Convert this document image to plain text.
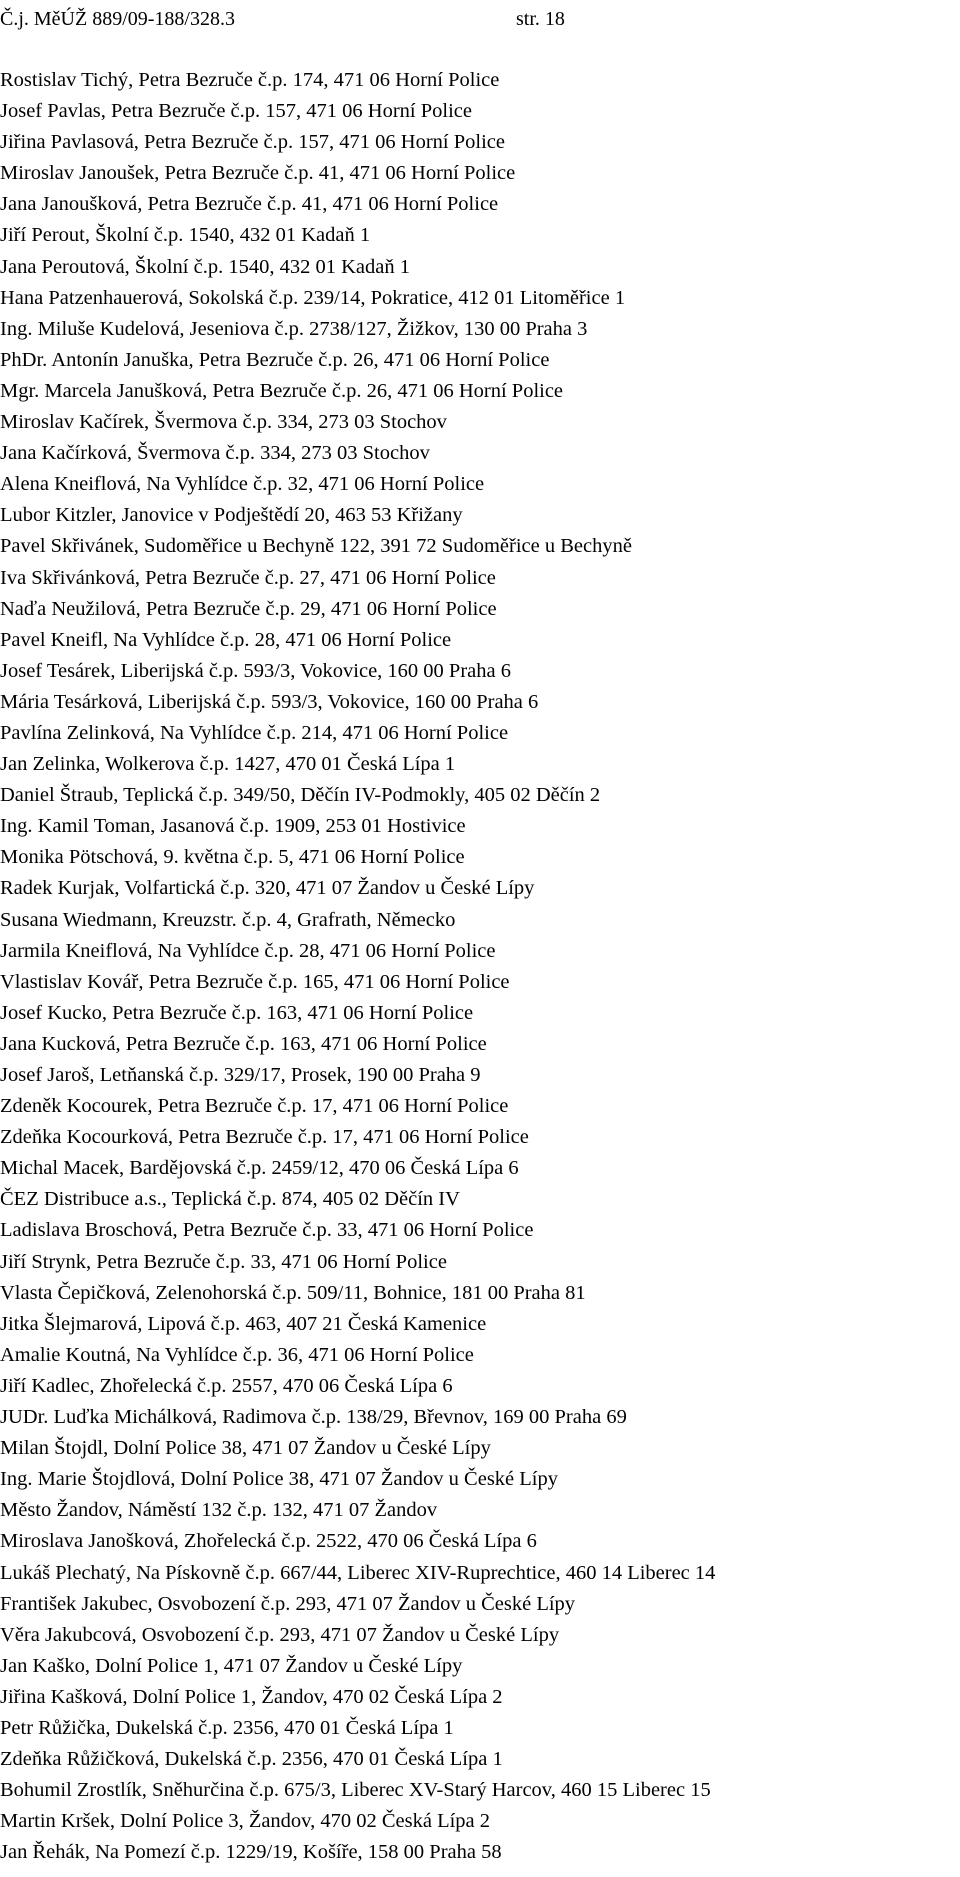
Č.j. MěÚŽ 889/09-188/328.3	str. 18
Rostislav Tichý, Petra Bezruče č.p. 174, 471 06 Horní Police
Josef Pavlas, Petra Bezruče č.p. 157, 471 06 Horní Police
Jiřina Pavlasová, Petra Bezruče č.p. 157, 471 06 Horní Police
Miroslav Janoušek, Petra Bezruče č.p. 41, 471 06 Horní Police
Jana Janoušková, Petra Bezruče č.p. 41, 471 06 Horní Police
Jiří Perout, Školní č.p. 1540, 432 01 Kadaň 1
Jana Peroutová, Školní č.p. 1540, 432 01 Kadaň 1
Hana Patzenhauerová, Sokolská č.p. 239/14, Pokratice, 412 01 Litoměřice 1
Ing. Miluše Kudelová, Jeseniova č.p. 2738/127, Žižkov, 130 00 Praha 3
PhDr. Antonín Januška, Petra Bezruče č.p. 26, 471 06 Horní Police
Mgr. Marcela Janušková, Petra Bezruče č.p. 26, 471 06 Horní Police
Miroslav Kačírek, Švermova č.p. 334, 273 03 Stochov
Jana Kačírková, Švermova č.p. 334, 273 03 Stochov
Alena Kneiflová, Na Vyhlídce č.p. 32, 471 06 Horní Police
Lubor Kitzler, Janovice v Podještědí 20, 463 53 Křižany
Pavel Skřivánek, Sudoměřice u Bechyně 122, 391 72 Sudoměřice u Bechyně
Iva Skřivánková, Petra Bezruče č.p. 27, 471 06 Horní Police
Naďa Neužilová, Petra Bezruče č.p. 29, 471 06 Horní Police
Pavel Kneifl, Na Vyhlídce č.p. 28, 471 06 Horní Police
Josef Tesárek, Liberijská č.p. 593/3, Vokovice, 160 00 Praha 6
Mária Tesárková, Liberijská č.p. 593/3, Vokovice, 160 00 Praha 6
Pavlína Zelinková, Na Vyhlídce č.p. 214, 471 06 Horní Police
Jan Zelinka, Wolkerova č.p. 1427, 470 01 Česká Lípa 1
Daniel Štraub, Teplická č.p. 349/50, Děčín IV-Podmokly, 405 02 Děčín 2
Ing. Kamil Toman, Jasanová č.p. 1909, 253 01 Hostivice
Monika Pötschová, 9. května č.p. 5, 471 06 Horní Police
Radek Kurjak, Volfartická č.p. 320, 471 07 Žandov u České Lípy
Susana Wiedmann, Kreuzstr. č.p. 4, Grafrath, Německo
Jarmila Kneiflová, Na Vyhlídce č.p. 28, 471 06 Horní Police
Vlastislav Kovář, Petra Bezruče č.p. 165, 471 06 Horní Police
Josef Kucko, Petra Bezruče č.p. 163, 471 06 Horní Police
Jana Kucková, Petra Bezruče č.p. 163, 471 06 Horní Police
Josef Jaroš, Letňanská č.p. 329/17, Prosek, 190 00 Praha 9
Zdeněk Kocourek, Petra Bezruče č.p. 17, 471 06 Horní Police
Zdeňka Kocourková, Petra Bezruče č.p. 17, 471 06 Horní Police
Michal Macek, Bardějovská č.p. 2459/12, 470 06 Česká Lípa 6
ČEZ Distribuce a.s., Teplická č.p. 874, 405 02 Děčín IV
Ladislava Broschová, Petra Bezruče č.p. 33, 471 06 Horní Police
Jiří Strynk, Petra Bezruče č.p. 33, 471 06 Horní Police
Vlasta Čepičková, Zelenohorská č.p. 509/11, Bohnice, 181 00 Praha 81
Jitka Šlejmarová, Lipová č.p. 463, 407 21 Česká Kamenice
Amalie Koutná, Na Vyhlídce č.p. 36, 471 06 Horní Police
Jiří Kadlec, Zhořelecká č.p. 2557, 470 06 Česká Lípa 6
JUDr. Luďka Michálková, Radimova č.p. 138/29, Břevnov, 169 00 Praha 69
Milan Štojdl, Dolní Police 38, 471 07 Žandov u České Lípy
Ing. Marie Štojdlová, Dolní Police 38, 471 07 Žandov u České Lípy
Město Žandov, Náměstí 132 č.p. 132, 471 07 Žandov
Miroslava Janošková, Zhořelecká č.p. 2522, 470 06 Česká Lípa 6
Lukáš Plechatý, Na Pískovně č.p. 667/44, Liberec XIV-Ruprechtice, 460 14 Liberec 14
František Jakubec, Osvobození č.p. 293, 471 07 Žandov u České Lípy
Věra Jakubcová, Osvobození č.p. 293, 471 07 Žandov u České Lípy
Jan Kaško, Dolní Police 1, 471 07 Žandov u České Lípy
Jiřina Kašková, Dolní Police 1, Žandov, 470 02 Česká Lípa 2
Petr Růžička, Dukelská č.p. 2356, 470 01 Česká Lípa 1
Zdeňka Růžičková, Dukelská č.p. 2356, 470 01 Česká Lípa 1
Bohumil Zrostlík, Sněhurčina č.p. 675/3, Liberec XV-Starý Harcov, 460 15 Liberec 15
Martin Kršek, Dolní Police 3, Žandov, 470 02 Česká Lípa 2
Jan Řehák, Na Pomezí č.p. 1229/19, Košíře, 158 00 Praha 58
